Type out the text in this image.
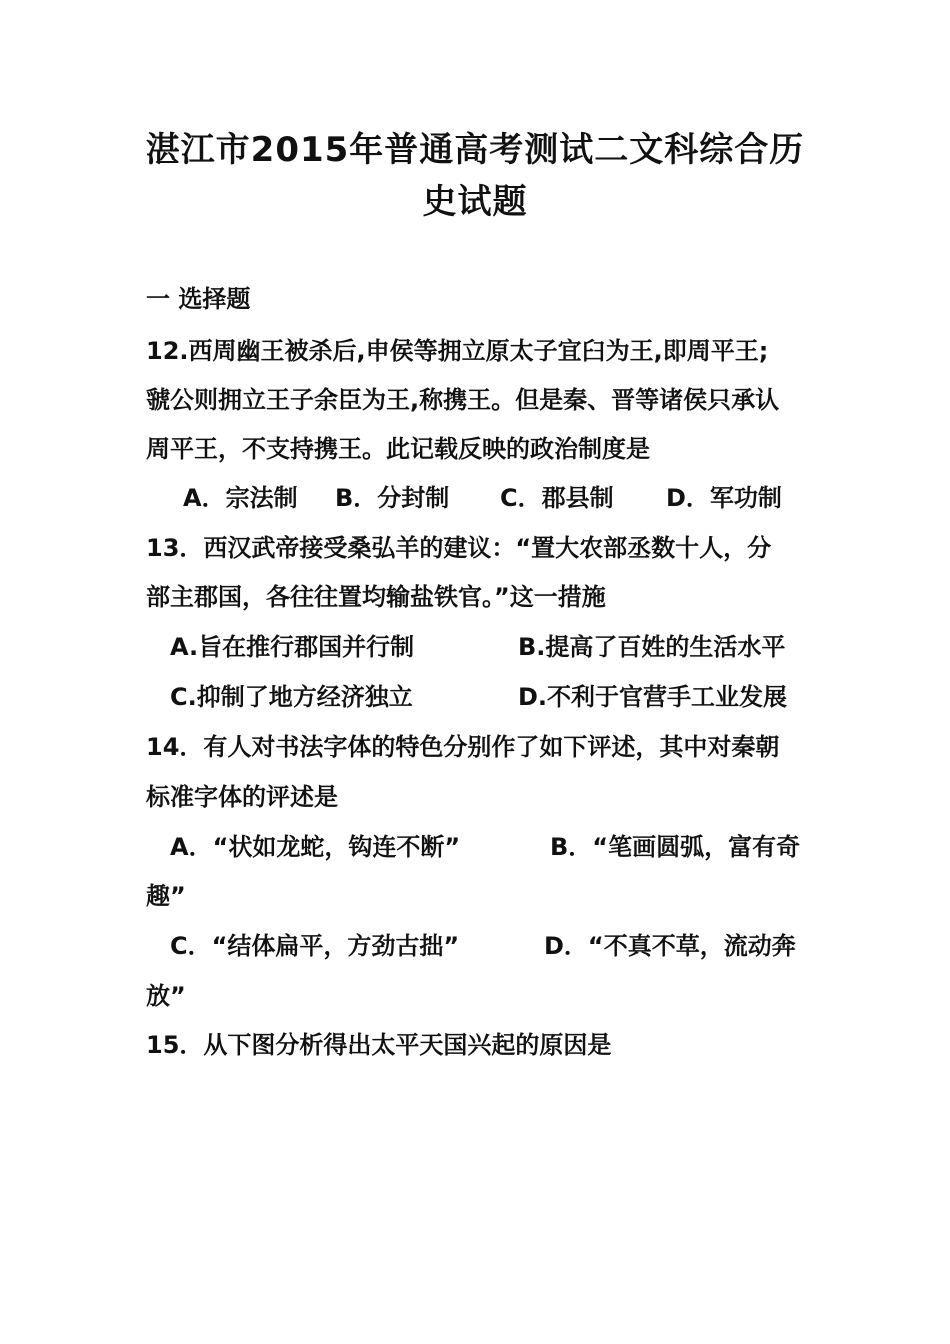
湛江市2015年普通高考测试二文科综合历
史试题
一 选择题
12.西周幽王被杀后,申侯等拥立原太子宜臼为王,即周平王;
虢公则拥立王子余臣为王,称携王。但是秦、晋等诸侯只承认
周平王，不支持携王。此记载反映的政治制度是
A．宗法制 B．分封制 C．郡县制 D．军功制
13．西汉武帝接受桑弘羊的建议：“置大农部丞数十人，分
部主郡国，各往往置均输盐铁官。”这一措施
A.旨在推行郡国并行制	B.提高了百姓的生活水平
C.抑制了地方经济独立	D.不利于官营手工业发展
14．有人对书法字体的特色分别作了如下评述，其中对秦朝
标准字体的评述是
A．“状如龙蛇，钩连不断”	B．“笔画圆弧，富有奇
趣”
C．“结体扁平，方劲古拙”	D．“不真不草，流动奔
放”
15．从下图分析得出太平天国兴起的原因是
